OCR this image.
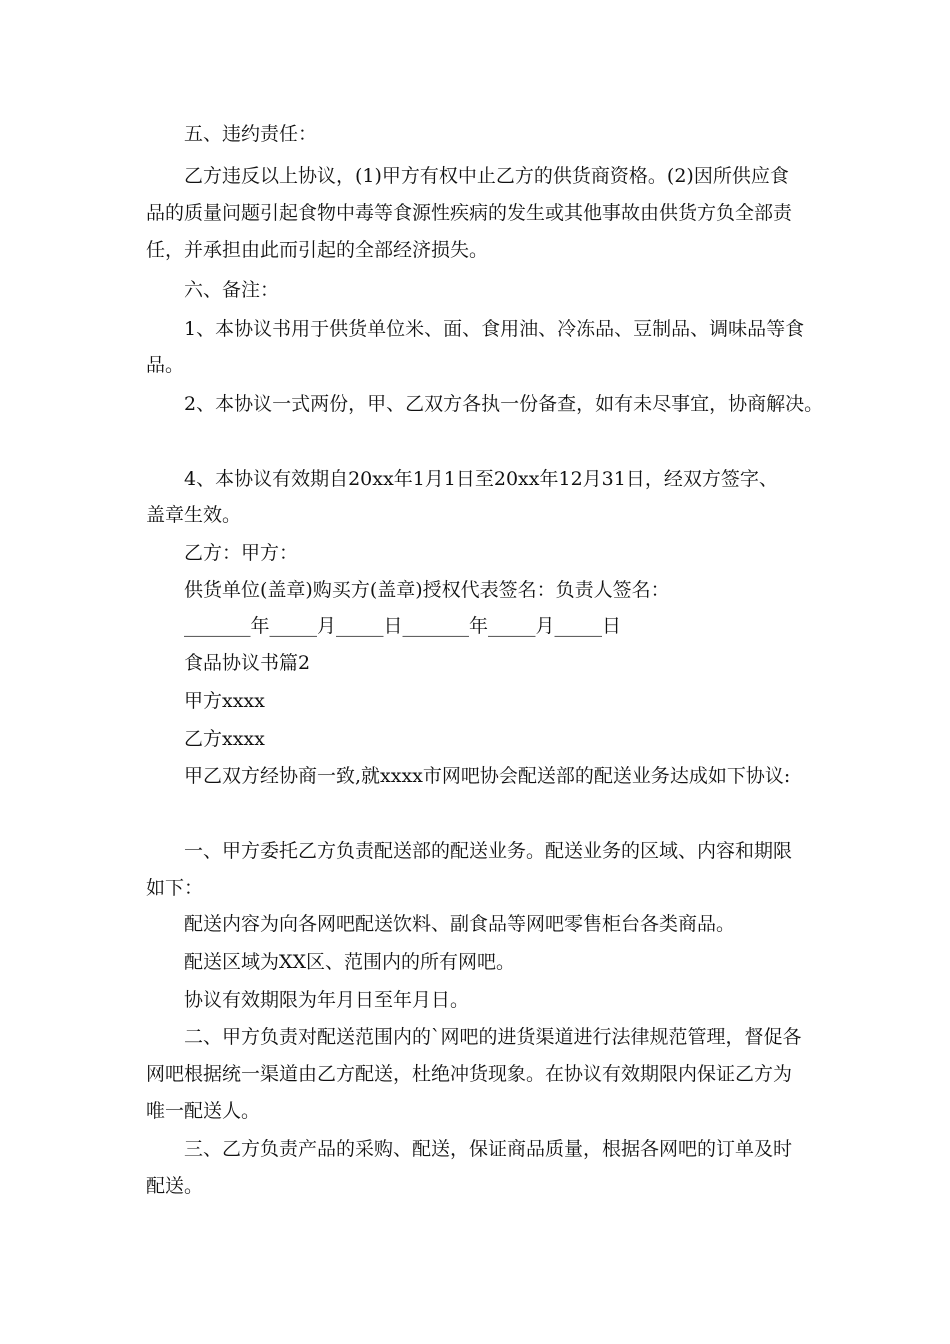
五、违约责任：
乙方违反以上协议，(1)甲方有权中止乙方的供货商资格。(2)因所供应食
品的质量问题引起食物中毒等食源性疾病的发生或其他事故由供货方负全部责
任，并承担由此而引起的全部经济损失。
六、备注：
1、本协议书用于供货单位米、面、食用油、冷冻品、豆制品、调味品等食
品。
2、本协议一式两份，甲、乙双方各执一份备查，如有未尽事宜，协商解决。
4、本协议有效期自20xx年1月1日至20xx年12月31日，经双方签字、
盖章生效。
乙方：甲方：
供货单位(盖章)购买方(盖章)授权代表签名：负责人签名：
_______年_____月_____日_______年_____月_____日
食品协议书篇2
甲方xxxx
乙方xxxx
甲乙双方经协商一致,就xxxx市网吧协会配送部的配送业务达成如下协议:
一、甲方委托乙方负责配送部的配送业务。配送业务的区域、内容和期限
如下：
配送内容为向各网吧配送饮料、副食品等网吧零售柜台各类商品。
配送区域为XX区、范围内的所有网吧。
协议有效期限为年月日至年月日。
二、甲方负责对配送范围内的`网吧的进货渠道进行法律规范管理，督促各
网吧根据统一渠道由乙方配送，杜绝冲货现象。在协议有效期限内保证乙方为
唯一配送人。
三、乙方负责产品的采购、配送，保证商品质量，根据各网吧的订单及时
配送。
